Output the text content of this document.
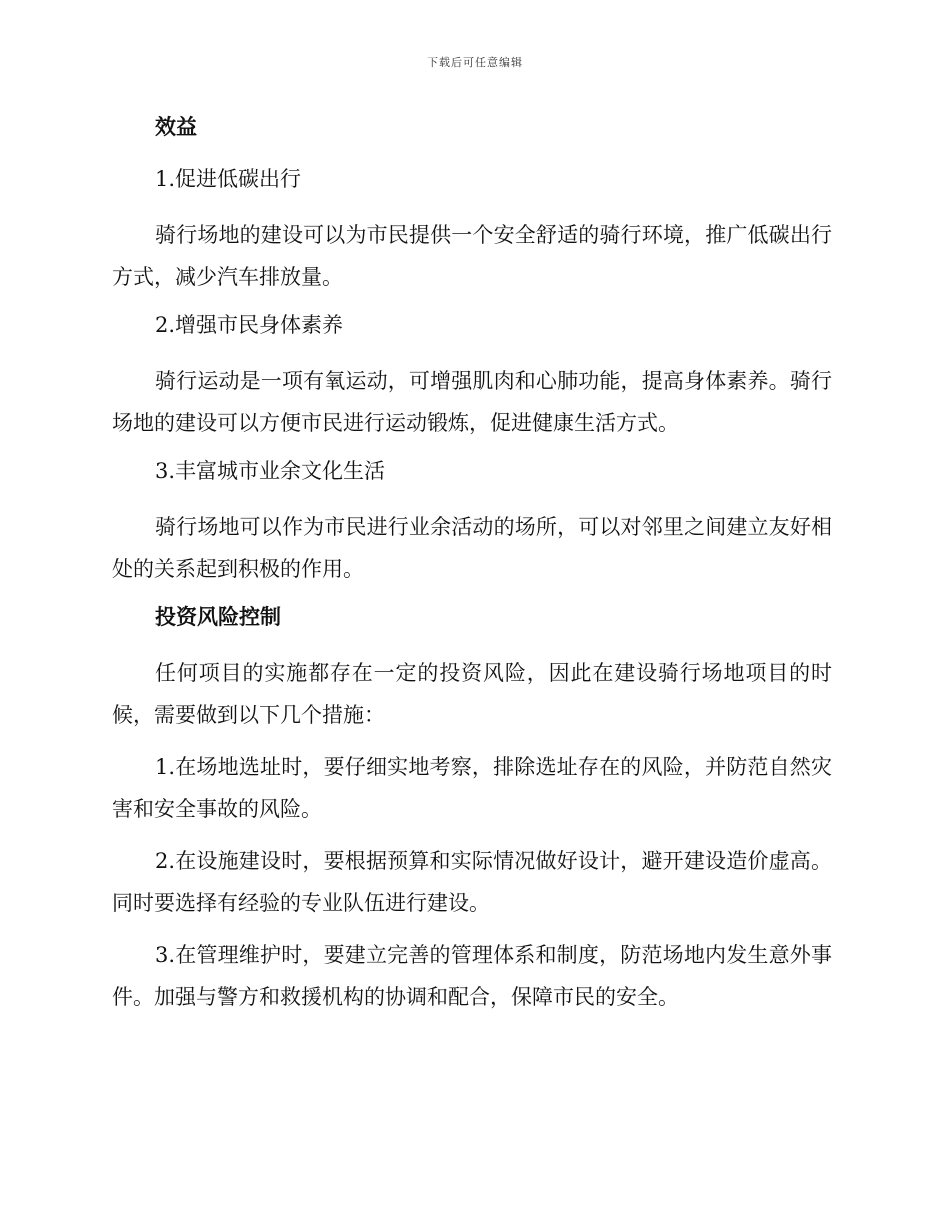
下载后可任意编辑
效益
1.促进低碳出行
骑行场地的建设可以为市民提供一个安全舒适的骑行环境，推广低碳出行方式，减少汽车排放量。
2.增强市民身体素养
骑行运动是一项有氧运动，可增强肌肉和心肺功能，提高身体素养。骑行场地的建设可以方便市民进行运动锻炼，促进健康生活方式。
3.丰富城市业余文化生活
骑行场地可以作为市民进行业余活动的场所，可以对邻里之间建立友好相处的关系起到积极的作用。
投资风险控制
任何项目的实施都存在一定的投资风险，因此在建设骑行场地项目的时候，需要做到以下几个措施：
1.在场地选址时，要仔细实地考察，排除选址存在的风险，并防范自然灾害和安全事故的风险。
2.在设施建设时，要根据预算和实际情况做好设计，避开建设造价虚高。同时要选择有经验的专业队伍进行建设。
3.在管理维护时，要建立完善的管理体系和制度，防范场地内发生意外事件。加强与警方和救援机构的协调和配合，保障市民的安全。
